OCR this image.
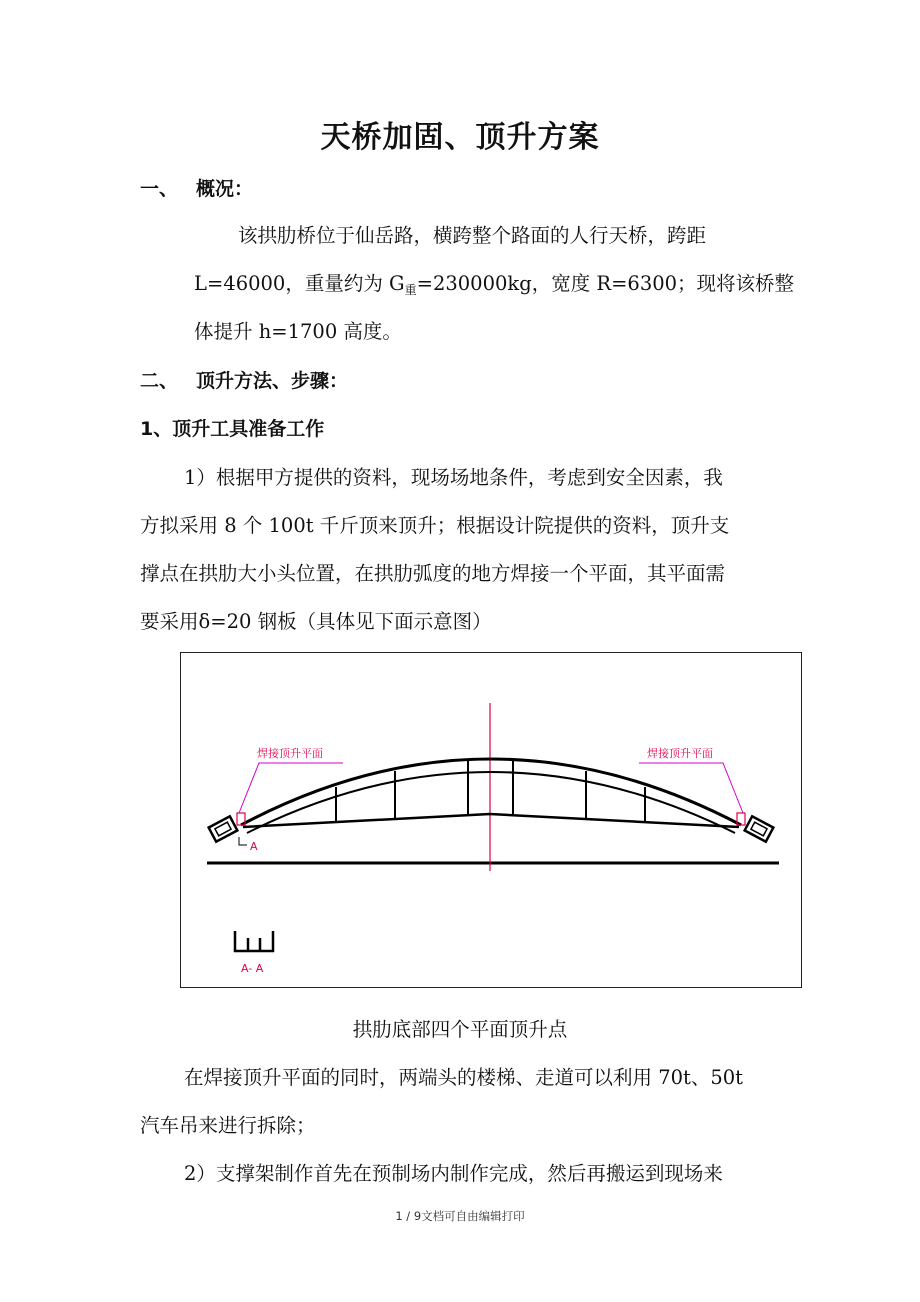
天桥加固、顶升方案
一、 概况：
该拱肋桥位于仙岳路，横跨整个路面的人行天桥，跨距
L=46000，重量约为 $G_重=230000kg$，宽度 R=6300；现将该桥整
体提升 h=1700 高度。
二、 顶升方法、步骤：
1、顶升工具准备工作
1）根据甲方提供的资料，现场场地条件，考虑到安全因素，我
方拟采用 8 个 100t 千斤顶来顶升；根据设计院提供的资料，顶升支
撑点在拱肋大小头位置，在拱肋弧度的地方焊接一个平面，其平面需
要采用δ=20 钢板（具体见下面示意图）
A
焊接顶升平面	焊接顶升平面
A- A
拱肋底部四个平面顶升点
在焊接顶升平面的同时，两端头的楼梯、走道可以利用 70t、50t
汽车吊来进行拆除；
2）支撑架制作首先在预制场内制作完成，然后再搬运到现场来
1 / 9文档可自由编辑打印
